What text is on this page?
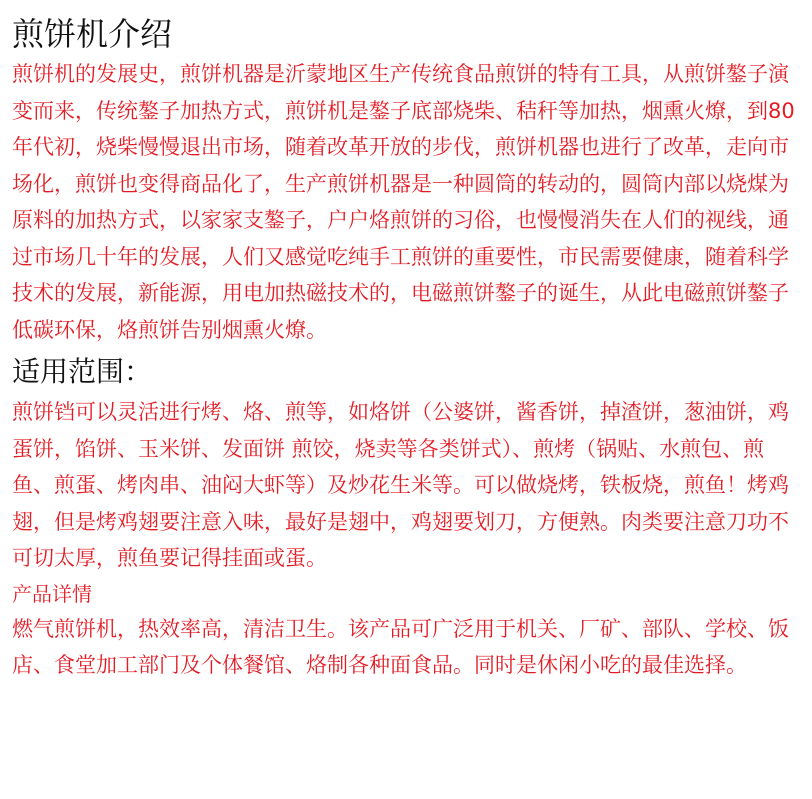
煎饼机介绍

煎饼机的发展史，煎饼机器是沂蒙地区生产传统食品煎饼的特有工具，从煎饼鏊子演变而来，传统鏊子加热方式，煎饼机是鏊子底部烧柴、秸秆等加热，烟熏火燎，到80年代初，烧柴慢慢退出市场，随着改革开放的步伐，煎饼机器也进行了改革，走向市场化，煎饼也变得商品化了，生产煎饼机器是一种圆筒的转动的，圆筒内部以烧煤为原料的加热方式，以家家支鏊子，户户烙煎饼的习俗，也慢慢消失在人们的视线，通过市场几十年的发展，人们又感觉吃纯手工煎饼的重要性，市民需要健康，随着科学技术的发展，新能源，用电加热磁技术的，电磁煎饼鏊子的诞生，从此电磁煎饼鏊子低碳环保，烙煎饼告别烟熏火燎。

适用范围：

煎饼铛可以灵活进行烤、烙、煎等，如烙饼（公婆饼，酱香饼，掉渣饼，葱油饼，鸡蛋饼，馅饼、玉米饼、发面饼 煎饺，烧卖等各类饼式）、煎烤（锅贴、水煎包、煎鱼、煎蛋、烤肉串、油闷大虾等）及炒花生米等。可以做烧烤，铁板烧，煎鱼！烤鸡翅，但是烤鸡翅要注意入味，最好是翅中，鸡翅要划刀，方便熟。肉类要注意刀功不可切太厚，煎鱼要记得挂面或蛋。

产品详情

燃气煎饼机，热效率高，清洁卫生。该产品可广泛用于机关、厂矿、部队、学校、饭店、食堂加工部门及个体餐馆、烙制各种面食品。同时是休闲小吃的最佳选择。
